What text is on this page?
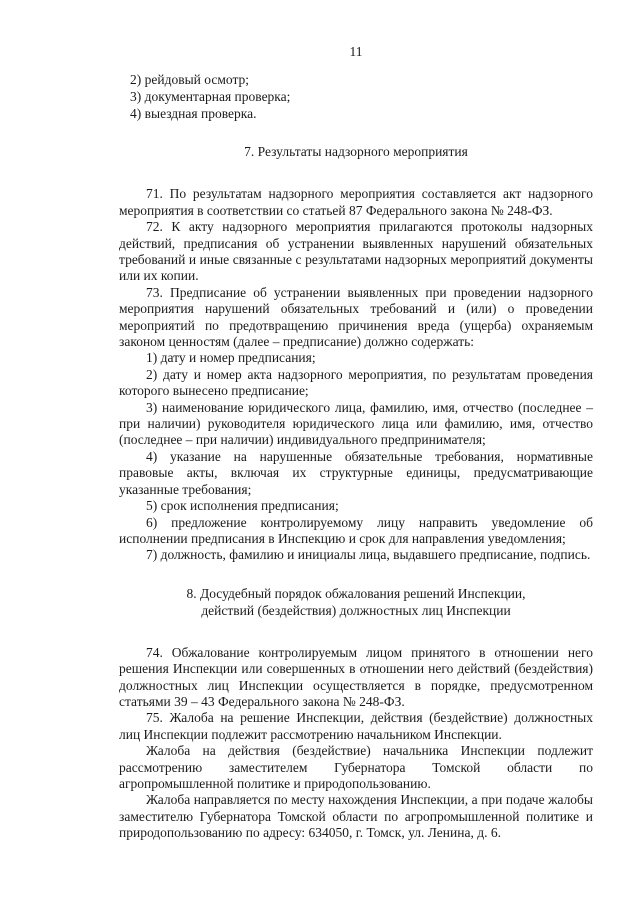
11

2) рейдовый осмотр;

3) документарная проверка;

4) выездная проверка.

7. Результаты надзорного мероприятия

71. По результатам надзорного мероприятия составляется акт надзорного мероприятия в соответствии со статьей 87 Федерального закона № 248-ФЗ.

72. К акту надзорного мероприятия прилагаются протоколы надзорных действий, предписания об устранении выявленных нарушений обязательных требований и иные связанные с результатами надзорных мероприятий документы или их копии.

73. Предписание об устранении выявленных при проведении надзорного мероприятия нарушений обязательных требований и (или) о проведении мероприятий по предотвращению причинения вреда (ущерба) охраняемым законом ценностям (далее – предписание) должно содержать:

1) дату и номер предписания;

2) дату и номер акта надзорного мероприятия, по результатам проведения которого вынесено предписание;

3) наименование юридического лица, фамилию, имя, отчество (последнее – при наличии) руководителя юридического лица или фамилию, имя, отчество (последнее – при наличии) индивидуального предпринимателя;

4) указание на нарушенные обязательные требования, нормативные правовые акты, включая их структурные единицы, предусматривающие указанные требования;

5) срок исполнения предписания;

6) предложение контролируемому лицу направить уведомление об исполнении предписания в Инспекцию и срок для направления уведомления;

7) должность, фамилию и инициалы лица, выдавшего предписание, подпись.

8. Досудебный порядок обжалования решений Инспекции,

действий (бездействия) должностных лиц Инспекции

74. Обжалование контролируемым лицом принятого в отношении него решения Инспекции или совершенных в отношении него действий (бездействия) должностных лиц Инспекции осуществляется в порядке, предусмотренном статьями 39 – 43 Федерального закона № 248-ФЗ.

75. Жалоба на решение Инспекции, действия (бездействие) должностных лиц Инспекции подлежит рассмотрению начальником Инспекции.

Жалоба на действия (бездействие) начальника Инспекции подлежит рассмотрению заместителем Губернатора Томской области по агропромышленной политике и природопользованию.

Жалоба направляется по месту нахождения Инспекции, а при подаче жалобы заместителю Губернатора Томской области по агропромышленной политике и природопользованию по адресу: 634050, г. Томск, ул. Ленина, д. 6.
